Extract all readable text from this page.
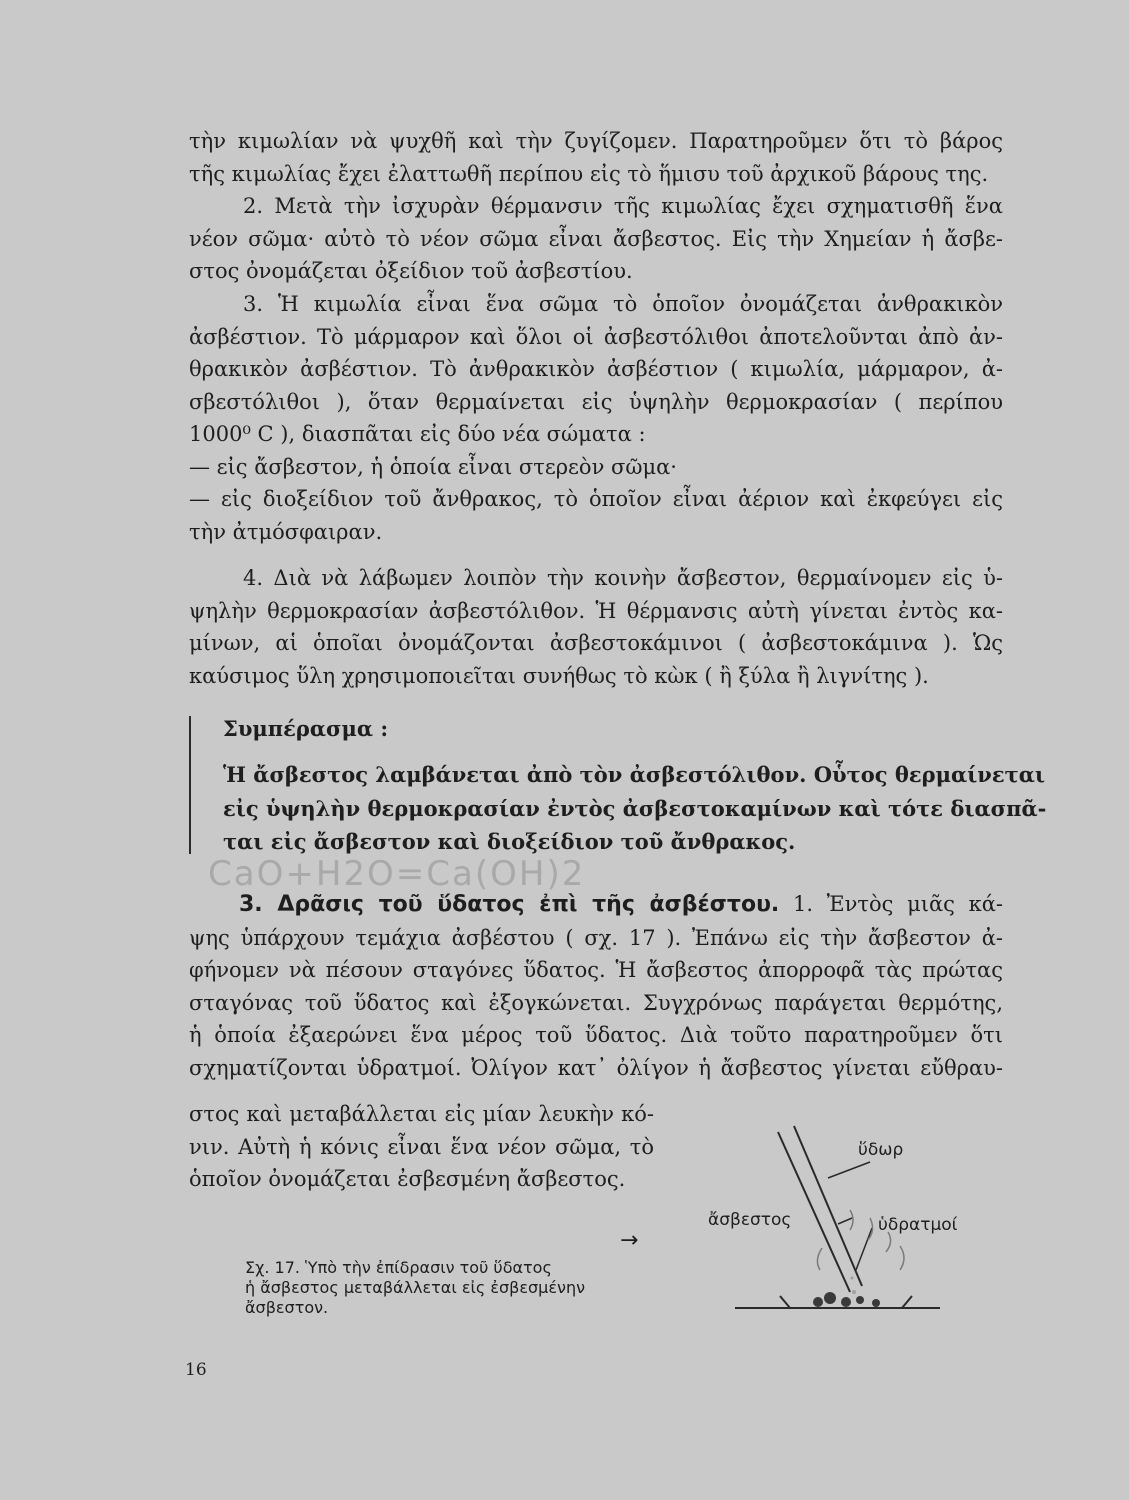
τὴν κιμωλίαν νὰ ψυχθῆ καὶ τὴν ζυγίζομεν. Παρατηροῦμεν ὅτι τὸ βάρος
τῆς κιμωλίας ἔχει ἐλαττωθῆ περίπου εἰς τὸ ἥμισυ τοῦ ἀρχικοῦ βάρους της.
2. Μετὰ τὴν ἰσχυρὰν θέρμανσιν τῆς κιμωλίας ἔχει σχηματισθῆ ἕνα
νέον σῶμα· αὐτὸ τὸ νέον σῶμα εἶναι ἄσβεστος. Εἰς τὴν Χημείαν ἡ ἄσβε-
στος ὀνομάζεται ὀξείδιον τοῦ ἀσβεστίου.
3. Ἡ κιμωλία εἶναι ἕνα σῶμα τὸ ὁποῖον ὀνομάζεται ἀνθρακικὸν
ἀσβέστιον. Τὸ μάρμαρον καὶ ὅλοι οἱ ἀσβεστόλιθοι ἀποτελοῦνται ἀπὸ ἀν-
θρακικὸν ἀσβέστιον. Τὸ ἀνθρακικὸν ἀσβέστιον ( κιμωλία, μάρμαρον, ἀ-
σβεστόλιθοι ), ὅταν θερμαίνεται εἰς ὑψηλὴν θερμοκρασίαν ( περίπου
1000⁰ C ), διασπᾶται εἰς δύο νέα σώματα :
— εἰς ἄσβεστον, ἡ ὁποία εἶναι στερεὸν σῶμα·
— εἰς διοξείδιον τοῦ ἄνθρακος, τὸ ὁποῖον εἶναι ἀέριον καὶ ἐκφεύγει εἰς
τὴν ἀτμόσφαιραν.
4. Διὰ νὰ λάβωμεν λοιπὸν τὴν κοινὴν ἄσβεστον, θερμαίνομεν εἰς ὑ-
ψηλὴν θερμοκρασίαν ἀσβεστόλιθον. Ἡ θέρμανσις αὐτὴ γίνεται ἐντὸς κα-
μίνων, αἱ ὁποῖαι ὀνομάζονται ἀσβεστοκάμινοι ( ἀσβεστοκάμινα ). Ὡς
καύσιμος ὕλη χρησιμοποιεῖται συνήθως τὸ κὼκ ( ἢ ξύλα ἢ λιγνίτης ).
Συμπέρασμα :
Ἡ ἄσβεστος λαμβάνεται ἀπὸ τὸν ἀσβεστόλιθον. Οὗτος θερμαίνεται
εἰς ὑψηλὴν θερμοκρασίαν ἐντὸς ἀσβεστοκαμίνων καὶ τότε διασπᾶ-
ται εἰς ἄσβεστον καὶ διοξείδιον τοῦ ἄνθρακος.
CaO+H2O=Ca(OH)2
3. Δρᾶσις τοῦ ὕδατος ἐπὶ τῆς ἀσβέστου. 1. Ἐντὸς μιᾶς κά-
ψης ὑπάρχουν τεμάχια ἀσβέστου ( σχ. 17 ). Ἐπάνω εἰς τὴν ἄσβεστον ἀ-
φήνομεν νὰ πέσουν σταγόνες ὕδατος. Ἡ ἄσβεστος ἀπορροφᾶ τὰς πρώτας
σταγόνας τοῦ ὕδατος καὶ ἐξογκώνεται. Συγχρόνως παράγεται θερμότης,
ἡ ὁποία ἐξαερώνει ἕνα μέρος τοῦ ὕδατος. Διὰ τοῦτο παρατηροῦμεν ὅτι
σχηματίζονται ὑδρατμοί. Ὀλίγον κατ᾽ ὀλίγον ἡ ἄσβεστος γίνεται εὔθραυ-
στος καὶ μεταβάλλεται εἰς μίαν λευκὴν κό-
νιν. Αὐτὴ ἡ κόνις εἶναι ἕνα νέον σῶμα, τὸ
ὁποῖον ὀνομάζεται ἐσβεσμένη ἄσβεστος.
→
Σχ. 17. Ὑπὸ τὴν ἐπίδρασιν τοῦ ὕδατος
ἡ ἄσβεστος μεταβάλλεται εἰς ἐσβεσμένην
ἄσβεστον.
ὕδωρ
ἄσβεστος	ὑδρατμοί
16
